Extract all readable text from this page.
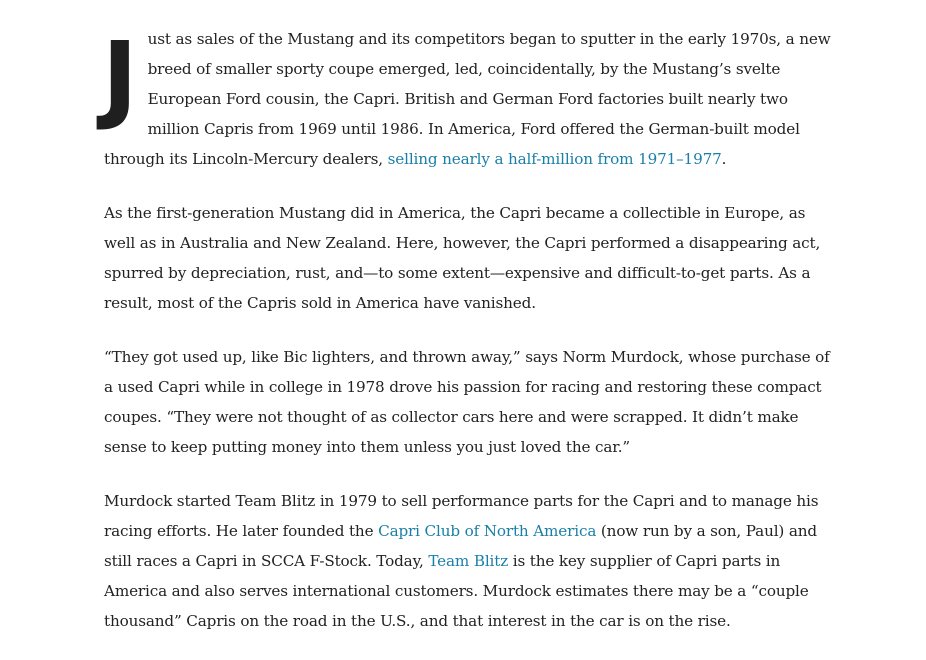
Just as sales of the Mustang and its competitors began to sputter in the early 1970s, a new breed of smaller sporty coupe emerged, led, coincidentally, by the Mustang’s svelte European Ford cousin, the Capri. British and German Ford factories built nearly two million Capris from 1969 until 1986. In America, Ford offered the German-built model through its Lincoln-Mercury dealers, selling nearly a half-million from 1971–1977.

As the first-generation Mustang did in America, the Capri became a collectible in Europe, as well as in Australia and New Zealand. Here, however, the Capri performed a disappearing act, spurred by depreciation, rust, and—to some extent—expensive and difficult-to-get parts. As a result, most of the Capris sold in America have vanished.

“They got used up, like Bic lighters, and thrown away,” says Norm Murdock, whose purchase of a used Capri while in college in 1978 drove his passion for racing and restoring these compact coupes. “They were not thought of as collector cars here and were scrapped. It didn’t make sense to keep putting money into them unless you just loved the car.”

Murdock started Team Blitz in 1979 to sell performance parts for the Capri and to manage his racing efforts. He later founded the Capri Club of North America (now run by a son, Paul) and still races a Capri in SCCA F-Stock. Today, Team Blitz is the key supplier of Capri parts in America and also serves international customers. Murdock estimates there may be a “couple thousand” Capris on the road in the U.S., and that interest in the car is on the rise.
